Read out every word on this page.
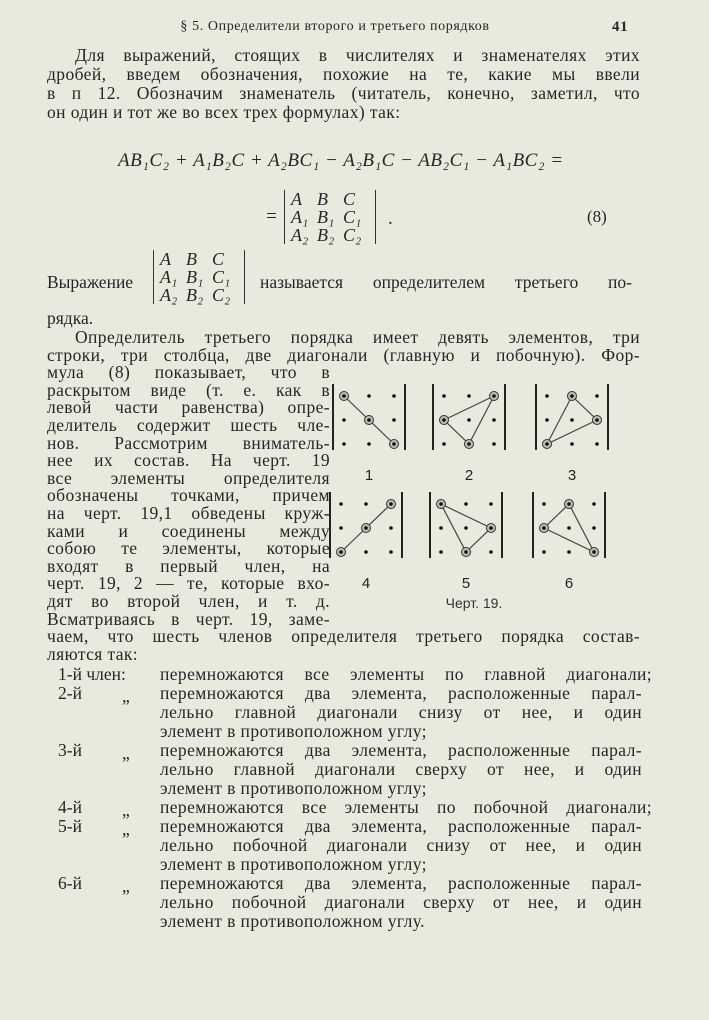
§ 5. Определители второго и третьего порядков	41
Для выражений, стоящих в числителях и знаменателях этих
дробей, введем обозначения, похожие на те, какие мы ввели
в п 12. Обозначим знаменатель (читатель, конечно, заметил, что
он один и тот же во всех трех формулах) так:
AB₁C₂ + A₁B₂C + A₂BC₁ − A₂B₁C − AB₂C₁ − A₁BC₂ =
=
A B C
A₁ B₁ C₁
A₂ B₂ C₂
.	(8)
Выражение
A B C
A₁ B₁ C₁
A₂ B₂ C₂
называется определителем третьего по-
рядка.
Определитель третьего порядка имеет девять элементов, три
строки, три столбца, две диагонали (главную и побочную). Фор-
мула (8) показывает, что в
раскрытом виде (т. е. как в
левой части равенства) опре-
делитель содержит шесть чле-
нов. Рассмотрим вниматель-
нее их состав. На черт. 19
все элементы определителя
обозначены точками, причем
на черт. 19,1 обведены круж-
ками и соединены между
собою те элементы, которые
входят в первый член, на
черт. 19, 2 — те, которые вхо-
дят во второй член, и т. д.
Всматриваясь в черт. 19, заме-
чаем, что шесть членов определителя третьего порядка состав-
ляются так:
1	2	3
4	5	6
Черт. 19.
1-й член: перемножаются все элементы по главной диагонали;
2-й „ перемножаются два элемента, расположенные парал-
лельно главной диагонали снизу от нее, и один
элемент в противоположном углу;
3-й „ перемножаются два элемента, расположенные парал-
лельно главной диагонали сверху от нее, и один
элемент в противоположном углу;
4-й „ перемножаются все элементы по побочной диагонали;
5-й „ перемножаются два элемента, расположенные парал-
лельно побочной диагонали снизу от нее, и один
элемент в противоположном углу;
6-й „ перемножаются два элемента, расположенные парал-
лельно побочной диагонали сверху от нее, и один
элемент в противоположном углу.
